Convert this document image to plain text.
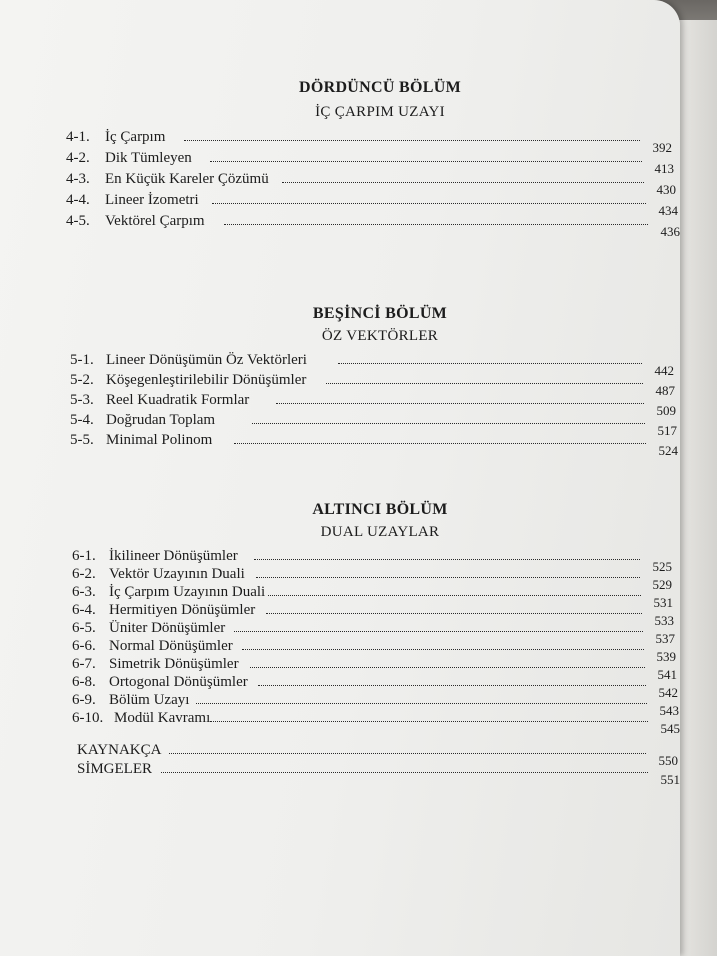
DÖRDÜNCÜ BÖLÜM
İÇ ÇARPIM UZAYI
4-1. İç Çarpım
392
4-2. Dik Tümleyen
413
4-3. En Küçük Kareler Çözümü
430
4-4. Lineer İzometri
434
4-5. Vektörel Çarpım
436
BEŞİNCİ BÖLÜM
ÖZ VEKTÖRLER
5-1. Lineer Dönüşümün Öz Vektörleri
442
5-2. Köşegenleştirilebilir Dönüşümler
487
5-3. Reel Kuadratik Formlar
509
5-4. Doğrudan Toplam
517
5-5. Minimal Polinom
524
ALTINCI BÖLÜM
DUAL UZAYLAR
6-1. İkilineer Dönüşümler
525
6-2. Vektör Uzayının Duali
529
6-3. İç Çarpım Uzayının Duali
531
6-4. Hermitiyen Dönüşümler
533
6-5. Üniter Dönüşümler
537
6-6. Normal Dönüşümler
539
6-7. Simetrik Dönüşümler
541
6-8. Ortogonal Dönüşümler
542
6-9. Bölüm Uzayı
543
6-10. Modül Kavramı
545
KAYNAKÇA
550
SİMGELER
551
